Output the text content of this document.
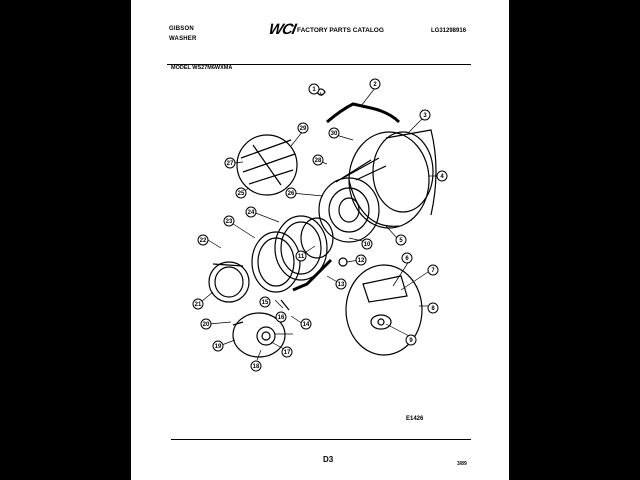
GIBSON
WASHER
WCI FACTORY PARTS CATALOG	LG31298916
MODEL WS27M6WXMA
1
2
3
4
5
6
7
8
9
10
11
12
13
14
15
16
17
18
19
20
21
22
23
24
25	26
27	28
29
30
E1426
D3	3/89
